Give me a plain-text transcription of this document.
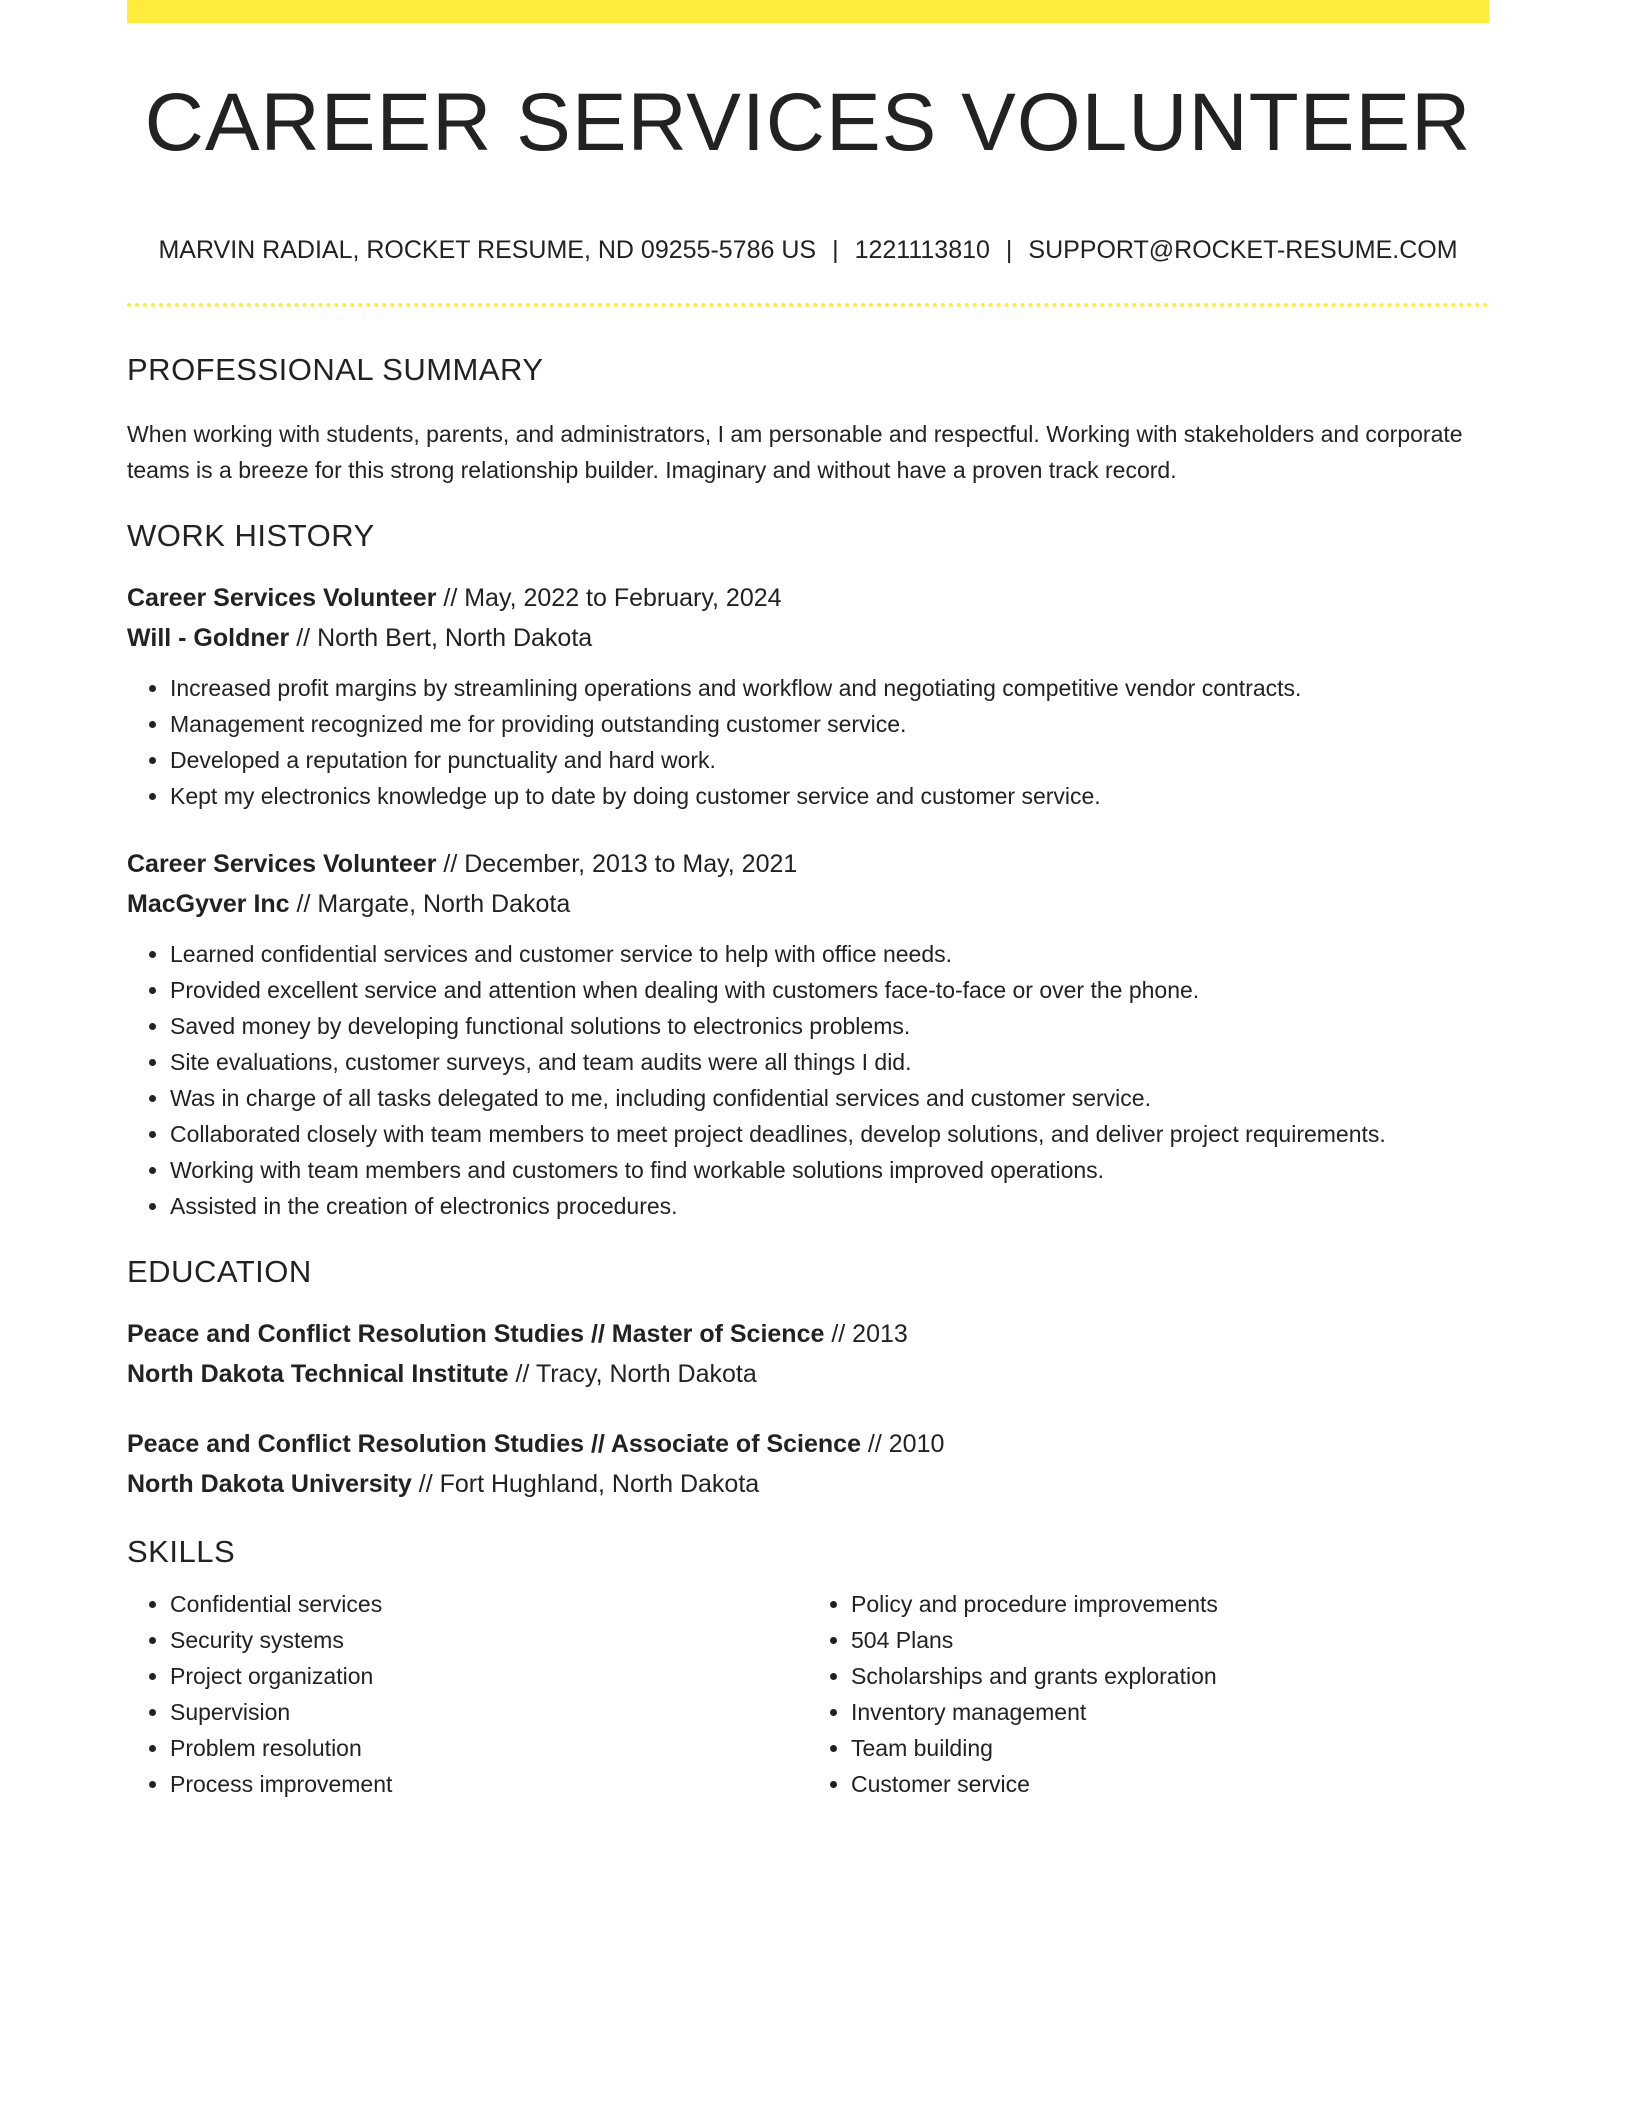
CAREER SERVICES VOLUNTEER
MARVIN RADIAL, ROCKET RESUME, ND 09255-5786 US | 1221113810 | SUPPORT@ROCKET-RESUME.COM
PROFESSIONAL SUMMARY

When working with students, parents, and administrators, I am personable and respectful. Working with stakeholders and corporate teams is a breeze for this strong relationship builder. Imaginary and without have a proven track record.

WORK HISTORY
Career Services Volunteer // May, 2022 to February, 2024
Will - Goldner // North Bert, North Dakota
• Increased profit margins by streamlining operations and workflow and negotiating competitive vendor contracts.
• Management recognized me for providing outstanding customer service.
• Developed a reputation for punctuality and hard work.
• Kept my electronics knowledge up to date by doing customer service and customer service.
Career Services Volunteer // December, 2013 to May, 2021
MacGyver Inc // Margate, North Dakota
• Learned confidential services and customer service to help with office needs.
• Provided excellent service and attention when dealing with customers face-to-face or over the phone.
• Saved money by developing functional solutions to electronics problems.
• Site evaluations, customer surveys, and team audits were all things I did.
• Was in charge of all tasks delegated to me, including confidential services and customer service.
• Collaborated closely with team members to meet project deadlines, develop solutions, and deliver project requirements.
• Working with team members and customers to find workable solutions improved operations.
• Assisted in the creation of electronics procedures.
EDUCATION
Peace and Conflict Resolution Studies // Master of Science // 2013
North Dakota Technical Institute // Tracy, North Dakota
Peace and Conflict Resolution Studies // Associate of Science // 2010
North Dakota University // Fort Hughland, North Dakota
SKILLS
• Confidential services
• Security systems
• Project organization
• Supervision
• Problem resolution
• Process improvement
• Policy and procedure improvements
• 504 Plans
• Scholarships and grants exploration
• Inventory management
• Team building
• Customer service
